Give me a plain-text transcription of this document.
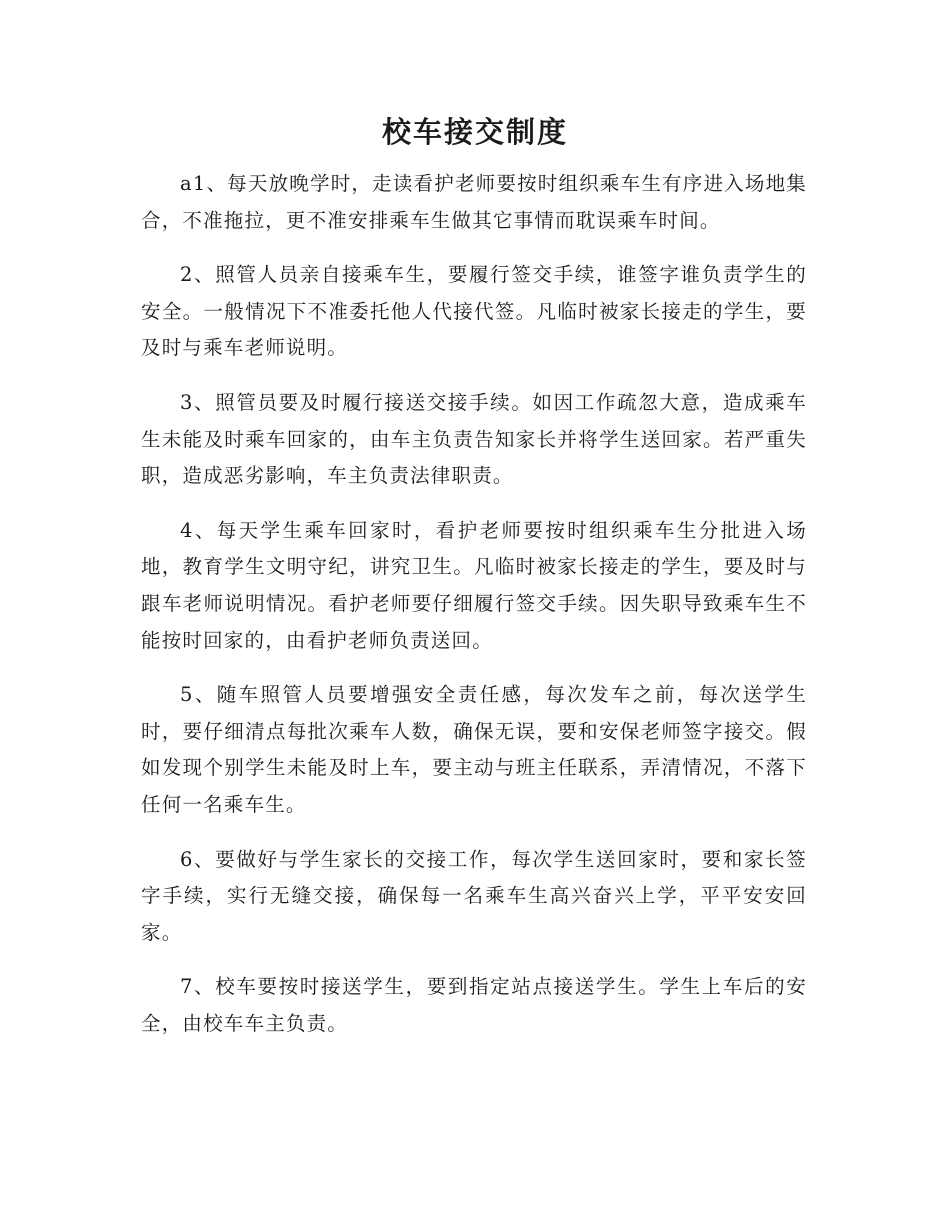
校车接交制度

a1、每天放晚学时，走读看护老师要按时组织乘车生有序进入场地集合，不准拖拉，更不准安排乘车生做其它事情而耽误乘车时间。

2、照管人员亲自接乘车生，要履行签交手续，谁签字谁负责学生的安全。一般情况下不准委托他人代接代签。凡临时被家长接走的学生，要及时与乘车老师说明。

3、照管员要及时履行接送交接手续。如因工作疏忽大意，造成乘车生未能及时乘车回家的，由车主负责告知家长并将学生送回家。若严重失职，造成恶劣影响，车主负责法律职责。

4、每天学生乘车回家时，看护老师要按时组织乘车生分批进入场地，教育学生文明守纪，讲究卫生。凡临时被家长接走的学生，要及时与跟车老师说明情况。看护老师要仔细履行签交手续。因失职导致乘车生不能按时回家的，由看护老师负责送回。

5、随车照管人员要增强安全责任感，每次发车之前，每次送学生时，要仔细清点每批次乘车人数，确保无误，要和安保老师签字接交。假如发现个别学生未能及时上车，要主动与班主任联系，弄清情况，不落下任何一名乘车生。

6、要做好与学生家长的交接工作，每次学生送回家时，要和家长签字手续，实行无缝交接，确保每一名乘车生高兴奋兴上学，平平安安回家。

7、校车要按时接送学生，要到指定站点接送学生。学生上车后的安全，由校车车主负责。
